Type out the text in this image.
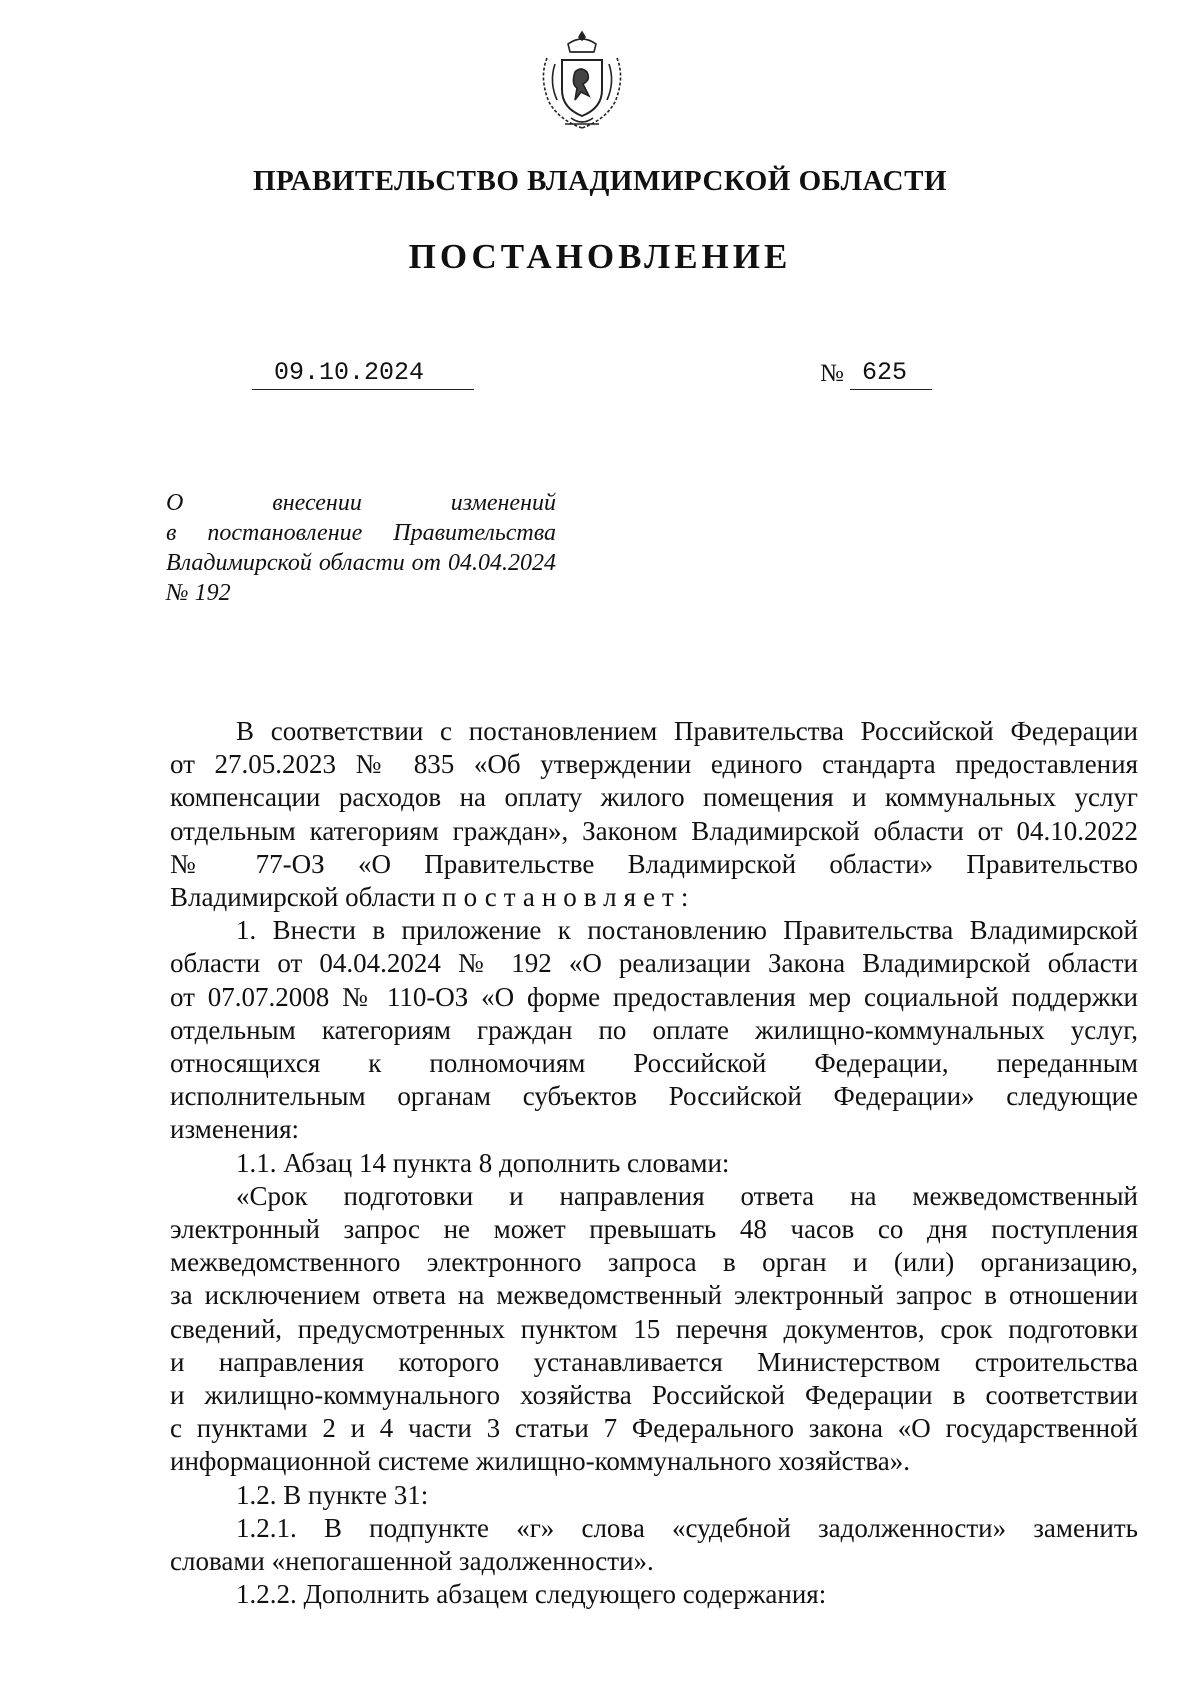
ПРАВИТЕЛЬСТВО ВЛАДИМИРСКОЙ ОБЛАСТИ
ПОСТАНОВЛЕНИЕ
09.10.2024	№ 625
О внесении изменений
в постановление Правительства
Владимирской области от 04.04.2024
№ 192
В соответствии с постановлением Правительства Российской Федерации
от 27.05.2023 № 835 «Об утверждении единого стандарта предоставления
компенсации расходов на оплату жилого помещения и коммунальных услуг
отдельным категориям граждан», Законом Владимирской области от 04.10.2022
№ 77-ОЗ «О Правительстве Владимирской области» Правительство
Владимирской области постановляет:
1. Внести в приложение к постановлению Правительства Владимирской
области от 04.04.2024 № 192 «О реализации Закона Владимирской области
от 07.07.2008 № 110-ОЗ «О форме предоставления мер социальной поддержки
отдельным категориям граждан по оплате жилищно-коммунальных услуг,
относящихся к полномочиям Российской Федерации, переданным
исполнительным органам субъектов Российской Федерации» следующие
изменения:
1.1. Абзац 14 пункта 8 дополнить словами:
«Срок подготовки и направления ответа на межведомственный
электронный запрос не может превышать 48 часов со дня поступления
межведомственного электронного запроса в орган и (или) организацию,
за исключением ответа на межведомственный электронный запрос в отношении
сведений, предусмотренных пунктом 15 перечня документов, срок подготовки
и направления которого устанавливается Министерством строительства
и жилищно-коммунального хозяйства Российской Федерации в соответствии
с пунктами 2 и 4 части 3 статьи 7 Федерального закона «О государственной
информационной системе жилищно-коммунального хозяйства».
1.2. В пункте 31:
1.2.1. В подпункте «г» слова «судебной задолженности» заменить
словами «непогашенной задолженности».
1.2.2. Дополнить абзацем следующего содержания:
